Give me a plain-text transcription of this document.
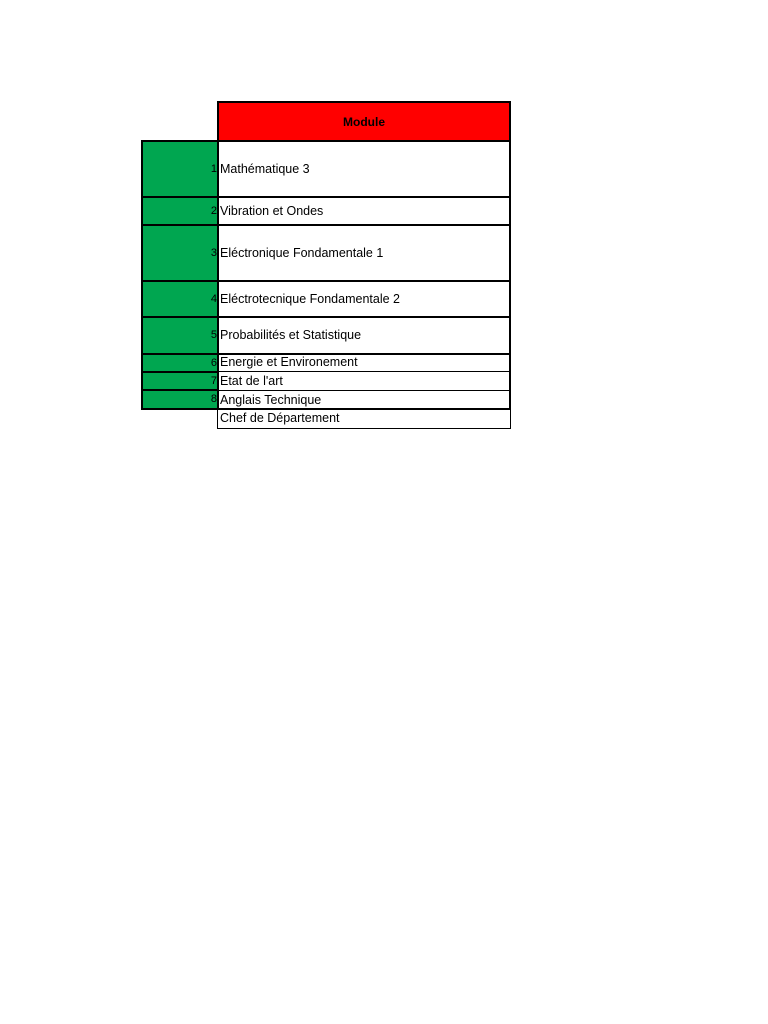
Module
1 Mathématique 3
2 Vibration et Ondes
3 Eléctronique Fondamentale 1
4 Eléctrotecnique Fondamentale 2
5 Probabilités et Statistique
6 Energie et Environement
7 Etat de l'art
8 Anglais Technique
Chef de Département
